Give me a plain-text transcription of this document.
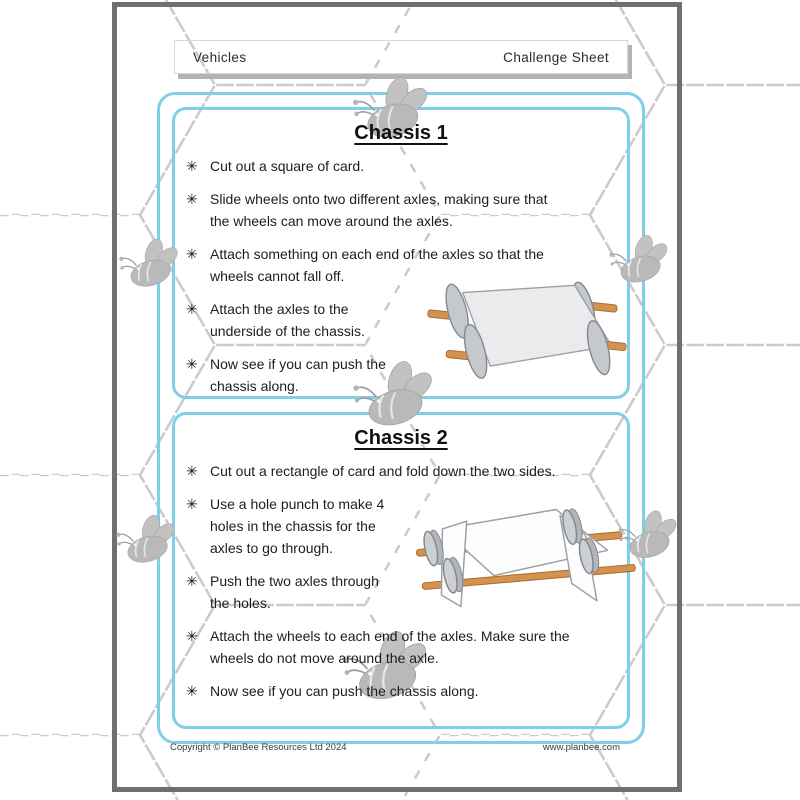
Vehicles	Challenge Sheet
Chassis 1
✳ Cut out a square of card.
✳ Slide wheels onto two different axles, making sure that
the wheels can move around the axles.
✳ Attach something on each end of the axles so that the
wheels cannot fall off.
✳ Attach the axles to the
underside of the chassis.
✳ Now see if you can push the
chassis along.
Chassis 2
✳ Cut out a rectangle of card and fold down the two sides.
✳ Use a hole punch to make 4
holes in the chassis for the
axles to go through.
✳ Push the two axles through
the holes.
✳ Attach the wheels to each end of the axles. Make sure the
wheels do not move around the axle.
✳ Now see if you can push the chassis along.
Copyright © PlanBee Resources Ltd 2024	www.planbee.com
